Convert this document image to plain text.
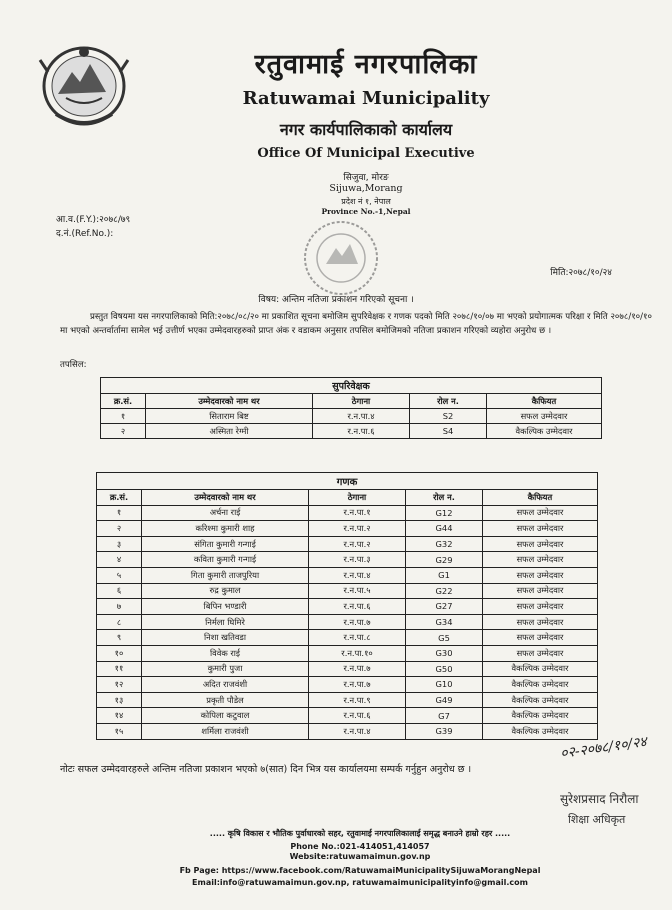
रतुवामाई नगरपालिका
Ratuwamai Municipality
नगर कार्यपालिकाको कार्यालय
Office Of Municipal Executive
सिजुवा, मोरङ
Sijuwa,Morang
प्रदेश नं १, नेपाल
Province No.-1,Nepal
आ.व.(F.Y.):२०७८/७९
द.नं.(Ref.No.):
मिति:२०७८/१०/२४
विषय: अन्तिम नतिजा प्रकाशन गरिएको सूचना ।
प्रस्तुत विषयमा यस नगरपालिकाको मिति:२०७८/०८/२० मा प्रकाशित सूचना बमोजिम सुपरिवेक्षक र गणक पदको मिति २०७८/१०/०७ मा भएको प्रयोगात्मक परिक्षा र मिति २०७८/१०/१० मा भएको अन्तर्वार्तामा सामेल भई उत्तीर्ण भएका उम्मेदवारहरुको प्राप्त अंक र वडाकम अनुसार तपसिल बमोजिमको नतिजा प्रकाशन गरिएको व्यहोरा अनुरोध छ ।
तपसिल:
सुपरिवेक्षक				
क्र.सं.	उम्मेदवारको नाम थर	ठेगाना	रोल न.	कैफियत
१	सिताराम बिष्ट	र.न.पा.४	S2	सफल उम्मेदवार
२	अस्मिता रेग्मी	र.न.पा.६	S4	वैकल्पिक उम्मेदवार
गणक				
क्र.सं.	उम्मेदवारको नाम थर	ठेगाना	रोल न.	कैफियत
१	अर्चना राई	र.न.पा.१	G12	सफल उम्मेदवार
२	करिश्मा कुमारी शाह	र.न.पा.२	G44	सफल उम्मेदवार
३	संगिता कुमारी गन्गाई	र.न.पा.२	G32	सफल उम्मेदवार
४	कविता कुमारी गन्गाई	र.न.पा.३	G29	सफल उम्मेदवार
५	गिता कुमारी ताजपुरिया	र.न.पा.४	G1	सफल उम्मेदवार
६	रुद्र कुमाल	र.न.पा.५	G22	सफल उम्मेदवार
७	बिपिन भण्डारी	र.न.पा.६	G27	सफल उम्मेदवार
८	निर्मला घिमिरे	र.न.पा.७	G34	सफल उम्मेदवार
९	निशा खतिवडा	र.न.पा.८	G5	सफल उम्मेदवार
१०	विवेक राई	र.न.पा.१०	G30	सफल उम्मेदवार
११	कुमारी पुजा	र.न.पा.७	G50	वैकल्पिक उम्मेदवार
१२	अदित राजवंशी	र.न.पा.७	G10	वैकल्पिक उम्मेदवार
१३	प्रकृती पौडेल	र.न.पा.९	G49	वैकल्पिक उम्मेदवार
१४	कोपिला कटुवाल	र.न.पा.६	G7	वैकल्पिक उम्मेदवार
१५	शर्मिला राजवंशी	र.न.पा.४	G39	वैकल्पिक उम्मेदवार
नोटः सफल उम्मेदवारहरुले अन्तिम नतिजा प्रकाशन भएको ७(सात) दिन भित्र यस कार्यालयमा सम्पर्क गर्नुहुन अनुरोध छ ।
०२-२०७८/१०/२४
सुरेशप्रसाद निरौला
शिक्षा अधिकृत
..... कृषि विकास र भौतिक पुर्वाधारको सहर, रतुवामाई नगरपालिकालाई समृद्ध बनाउने हाम्रो रहर .....
Phone No.:021-414051,414057
Website:ratuwamaimun.gov.np
Fb Page: https://www.facebook.com/RatuwamaiMunicipalitySijuwaMorangNepal
Email:info@ratuwamaimun.gov.np, ratuwamaimunicipalityinfo@gmail.com
